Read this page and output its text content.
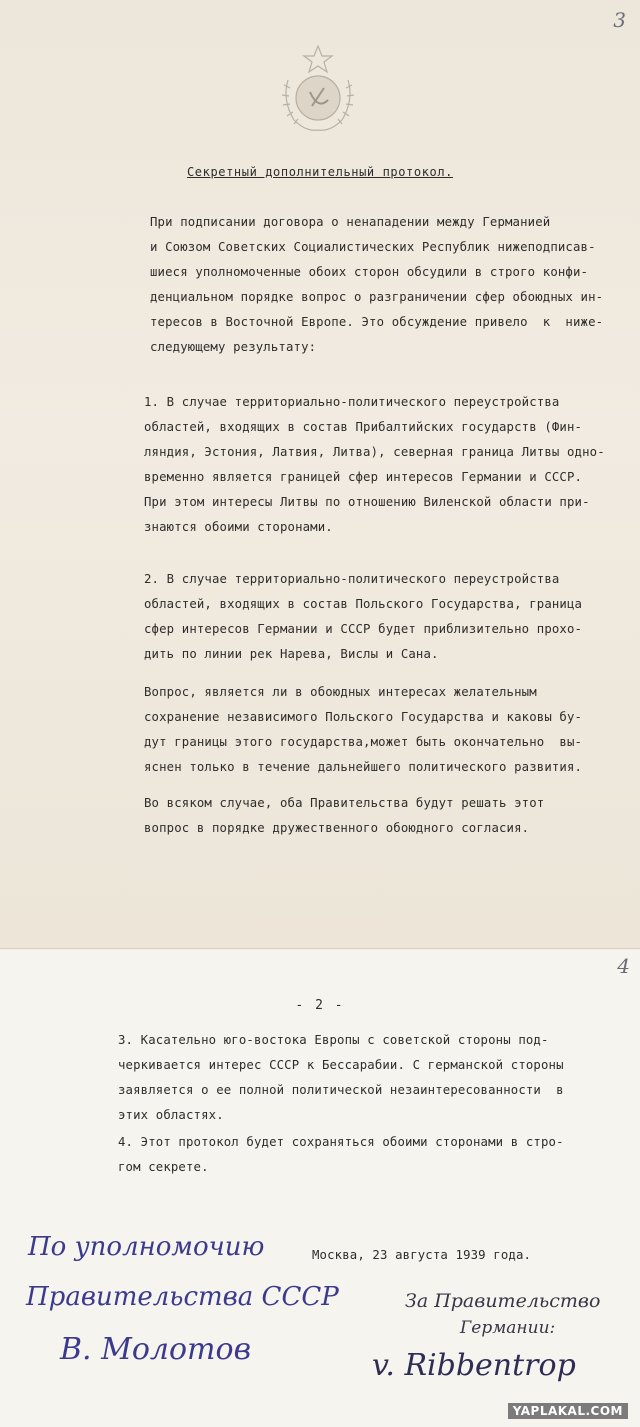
3
Секретный дополнительный протокол.

При подписании договора о ненападении между Германией
и Союзом Советских Социалистических Республик нижеподписав-
шиеся уполномоченные обоих сторон обсудили в строго конфи-
денциальном порядке вопрос о разграничении сфер обоюдных ин-
тересов в Восточной Европе. Это обсуждение привело  к  ниже-
следующему результату:

1. В случае территориально-политического переустройства
областей, входящих в состав Прибалтийских государств (Фин-
ляндия, Эстония, Латвия, Литва), северная граница Литвы одно-
временно является границей сфер интересов Германии и СССР.
При этом интересы Литвы по отношению Виленской области при-
знаются обоими сторонами.

2. В случае территориально-политического переустройства
областей, входящих в состав Польского Государства, граница
сфер интересов Германии и СССР будет приблизительно прохо-
дить по линии рек Нарева, Вислы и Сана.

Вопрос, является ли в обоюдных интересах желательным
сохранение независимого Польского Государства и каковы бу-
дут границы этого государства,может быть окончательно  вы-
яснен только в течение дальнейшего политического развития.

Во всяком случае, оба Правительства будут решать этот
вопрос в порядке дружественного обоюдного согласия.

4
- 2 -

3. Касательно юго-востока Европы с советской стороны под-
черкивается интерес СССР к Бессарабии. С германской стороны
заявляется о ее полной политической незаинтересованности  в
этих областях.

4. Этот протокол будет сохраняться обоими сторонами в стро-
гом секрете.

Москва, 23 августа 1939 года.
По уполномочию
Правительства СССР
В. Молотов
За Правительство
Германии:
v. Ribbentrop
YAPLAKAL.COM
